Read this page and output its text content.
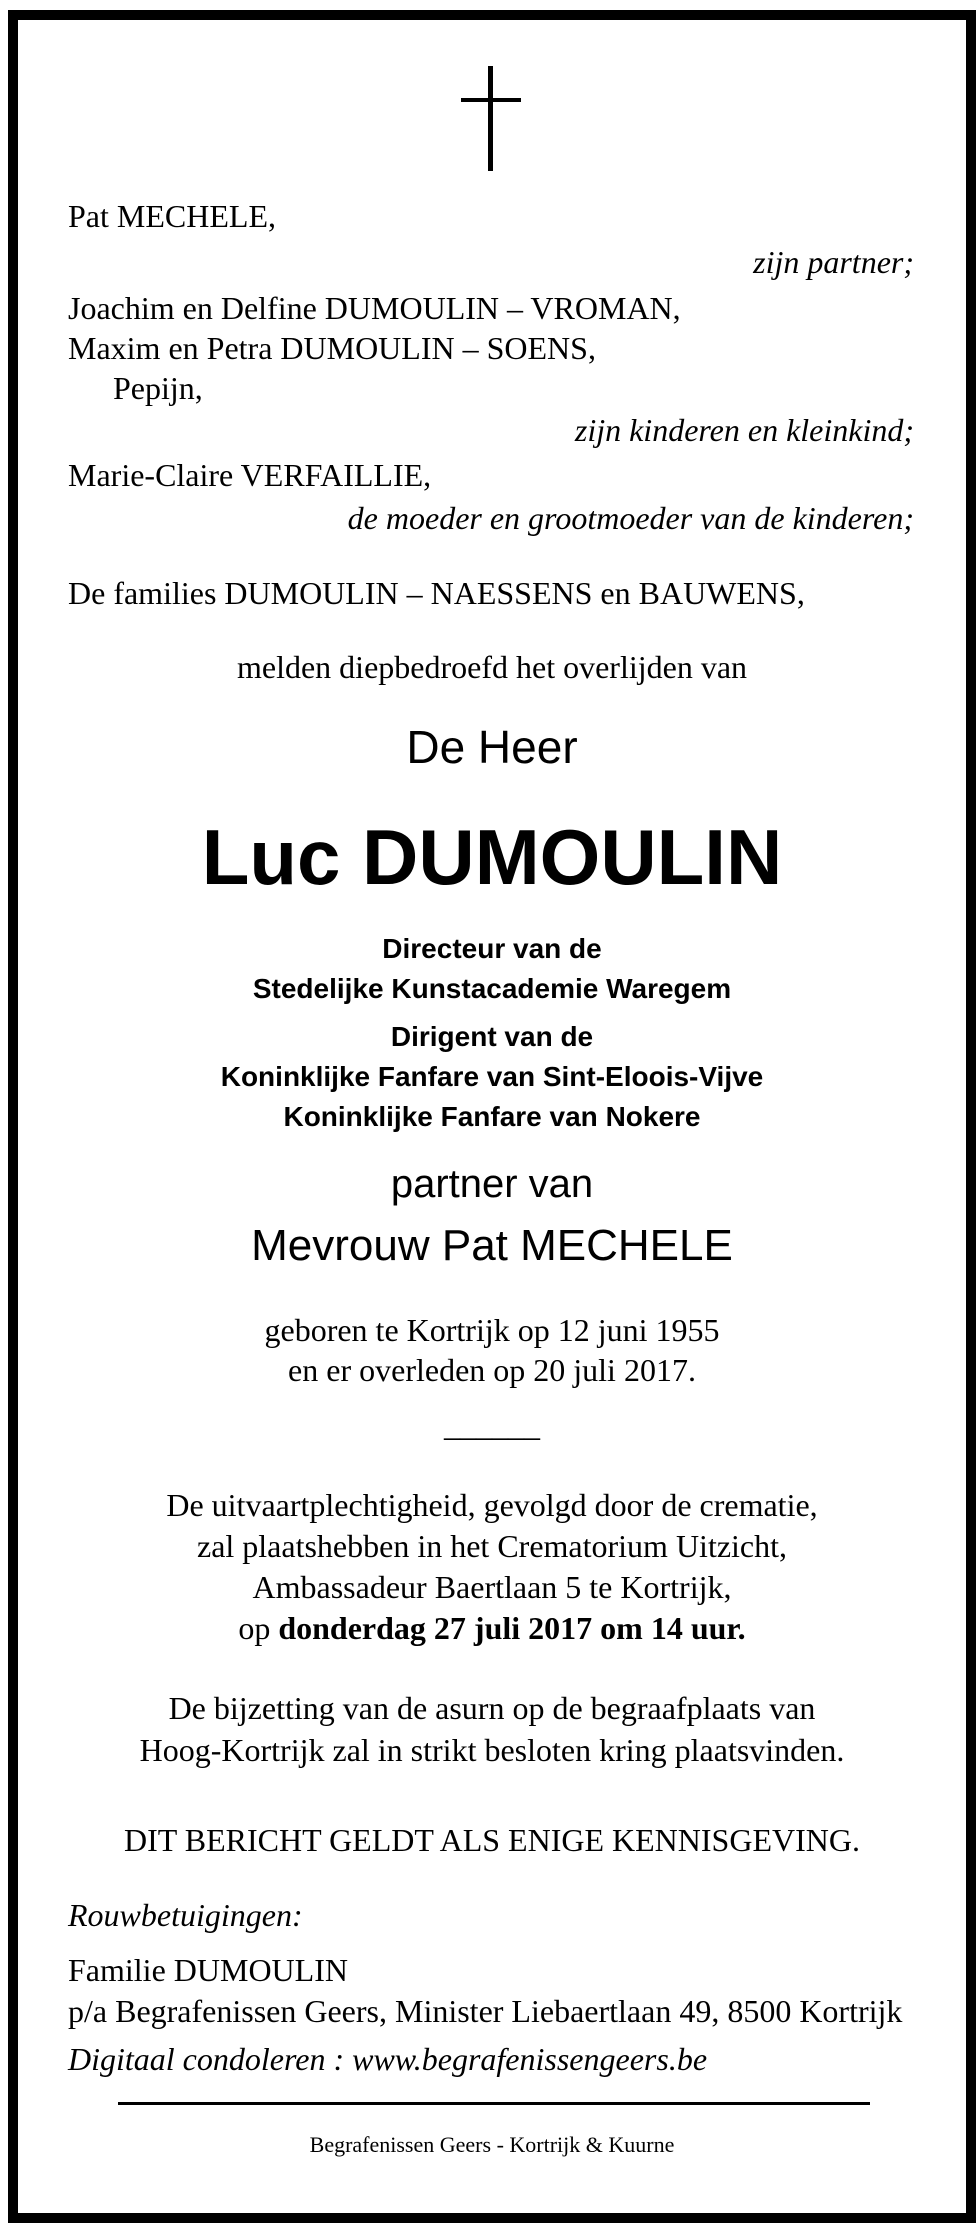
Pat MECHELE,
zijn partner;
Joachim en Delfine DUMOULIN – VROMAN,
Maxim en Petra DUMOULIN – SOENS,
Pepijn,
zijn kinderen en kleinkind;
Marie-Claire VERFAILLIE,
de moeder en grootmoeder van de kinderen;
De families DUMOULIN – NAESSENS en BAUWENS,
melden diepbedroefd het overlijden van
De Heer
Luc DUMOULIN
Directeur van de
Stedelijke Kunstacademie Waregem
Dirigent van de
Koninklijke Fanfare van Sint-Eloois-Vijve
Koninklijke Fanfare van Nokere
partner van
Mevrouw Pat MECHELE
geboren te Kortrijk op 12 juni 1955
en er overleden op 20 juli 2017.
______
De uitvaartplechtigheid, gevolgd door de crematie,
zal plaatshebben in het Crematorium Uitzicht,
Ambassadeur Baertlaan 5 te Kortrijk,
op donderdag 27 juli 2017 om 14 uur.
De bijzetting van de asurn op de begraafplaats van
Hoog-Kortrijk zal in strikt besloten kring plaatsvinden.
DIT BERICHT GELDT ALS ENIGE KENNISGEVING.
Rouwbetuigingen:
Familie DUMOULIN
p/a Begrafenissen Geers, Minister Liebaertlaan 49, 8500 Kortrijk
Digitaal condoleren : www.begrafenissengeers.be
Begrafenissen Geers - Kortrijk & Kuurne
